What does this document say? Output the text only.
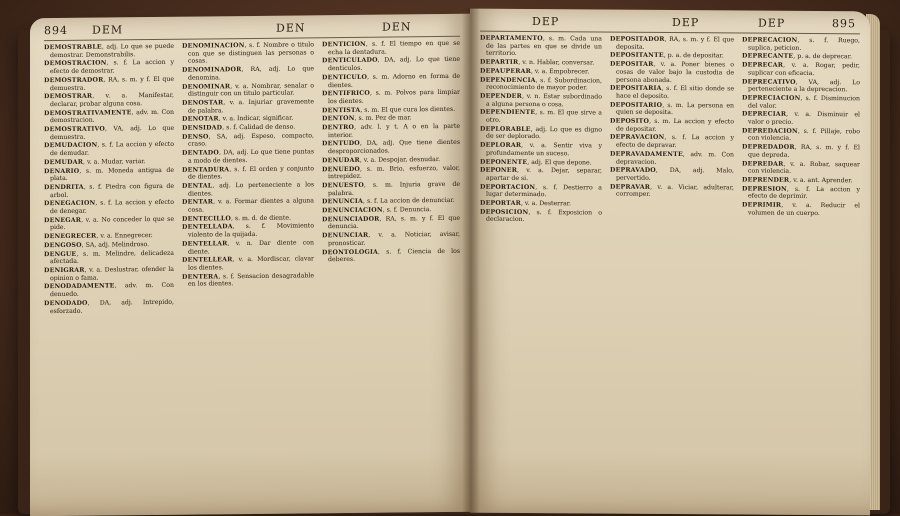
894 DEM	DEN	DEN

DEMOSTRABLE, adj. Lo que se puede demostrar. Demonstrabilis.

DEMOSTRACION, s. f. La accion y efecto de demostrar.

DEMOSTRADOR, RA, s. m. y f. El que demuestra.

DEMOSTRAR, v. a. Manifestar, declarar, probar alguna cosa.

DEMOSTRATIVAMENTE, adv. m. Con demostracion.

DEMOSTRATIVO, VA, adj. Lo que demuestra.

DEMUDACION, s. f. La accion y efecto de demudar.

DEMUDAR, v. a. Mudar, variar.

DENARIO, s. m. Moneda antigua de plata.

DENDRITA, s. f. Piedra con figura de arbol.

DENEGACION, s. f. La accion y efecto de denegar.

DENEGAR, v. a. No conceder lo que se pide.

DENEGRECER, v. a. Ennegrecer.

DENGOSO, SA, adj. Melindroso.

DENGUE, s. m. Melindre, delicadeza afectada.

DENIGRAR, v. a. Deslustrar, ofender la opinion o fama.

DENODADAMENTE, adv. m. Con denuedo.

DENODADO, DA, adj. Intrepido, esforzado.

DENOMINACION, s. f. Nombre o titulo con que se distinguen las personas o cosas.

DENOMINADOR, RA, adj. Lo que denomina.

DENOMINAR, v. a. Nombrar, senalar o distinguir con un titulo particular.

DENOSTAR, v. a. Injuriar gravemente de palabra.

DENOTAR, v. a. Indicar, significar.

DENSIDAD, s. f. Calidad de denso.

DENSO, SA, adj. Espeso, compacto, craso.

DENTADO, DA, adj. Lo que tiene puntas a modo de dientes.

DENTADURA, s. f. El orden y conjunto de dientes.

DENTAL, adj. Lo perteneciente a los dientes.

DENTAR, v. a. Formar dientes a alguna cosa.

DENTECILLO, s. m. d. de diente.

DENTELLADA, s. f. Movimiento violento de la quijada.

DENTELLAR, v. n. Dar diente con diente.

DENTELLEAR, v. a. Mordiscar, clavar los dientes.

DENTERA, s. f. Sensacion desagradable en los dientes.

DENTICION, s. f. El tiempo en que se echa la dentadura.

DENTICULADO, DA, adj. Lo que tiene denticulos.

DENTICULO, s. m. Adorno en forma de dientes.

DENTIFRICO, s. m. Polvos para limpiar los dientes.

DENTISTA, s. m. El que cura los dientes.

DENTON, s. m. Pez de mar.

DENTRO, adv. l. y t. A o en la parte interior.

DENTUDO, DA, adj. Que tiene dientes desproporcionados.

DENUDAR, v. a. Despojar, desnudar.

DENUEDO, s. m. Brio, esfuerzo, valor, intrepidez.

DENUESTO, s. m. Injuria grave de palabra.

DENUNCIA, s. f. La accion de denunciar.

DENUNCIACION, s. f. Denuncia.

DENUNCIADOR, RA, s. m. y f. El que denuncia.

DENUNCIAR, v. a. Noticiar, avisar, pronosticar.

DEONTOLOGIA, s. f. Ciencia de los deberes.

DEP	DEP	DEP	895

DEPARTAMENTO, s. m. Cada una de las partes en que se divide un territorio.

DEPARTIR, v. n. Hablar, conversar.

DEPAUPERAR, v. a. Empobrecer.

DEPENDENCIA, s. f. Subordinacion, reconocimiento de mayor poder.

DEPENDER, v. n. Estar subordinado a alguna persona o cosa.

DEPENDIENTE, s. m. El que sirve a otro.

DEPLORABLE, adj. Lo que es digno de ser deplorado.

DEPLORAR, v. a. Sentir viva y profundamente un suceso.

DEPONENTE, adj. El que depone.

DEPONER, v. a. Dejar, separar, apartar de si.

DEPORTACION, s. f. Destierro a lugar determinado.

DEPORTAR, v. a. Desterrar.

DEPOSICION, s. f. Exposicion o declaracion.

DEPOSITADOR, RA, s. m. y f. El que deposita.

DEPOSITANTE, p. a. de depositar.

DEPOSITAR, v. a. Poner bienes o cosas de valor bajo la custodia de persona abonada.

DEPOSITARIA, s. f. El sitio donde se hace el deposito.

DEPOSITARIO, s. m. La persona en quien se deposita.

DEPOSITO, s. m. La accion y efecto de depositar.

DEPRAVACION, s. f. La accion y efecto de depravar.

DEPRAVADAMENTE, adv. m. Con depravacion.

DEPRAVADO, DA, adj. Malo, pervertido.

DEPRAVAR, v. a. Viciar, adulterar, corromper.

DEPRECACION, s. f. Ruego, suplica, peticion.

DEPRECANTE, p. a. de deprecar.

DEPRECAR, v. a. Rogar, pedir, suplicar con eficacia.

DEPRECATIVO, VA, adj. Lo perteneciente a la deprecacion.

DEPRECIACION, s. f. Disminucion del valor.

DEPRECIAR, v. a. Disminuir el valor o precio.

DEPREDACION, s. f. Pillaje, robo con violencia.

DEPREDADOR, RA, s. m. y f. El que depreda.

DEPREDAR, v. a. Robar, saquear con violencia.

DEPRENDER, v. a. ant. Aprender.

DEPRESION, s. f. La accion y efecto de deprimir.

DEPRIMIR, v. a. Reducir el volumen de un cuerpo.
